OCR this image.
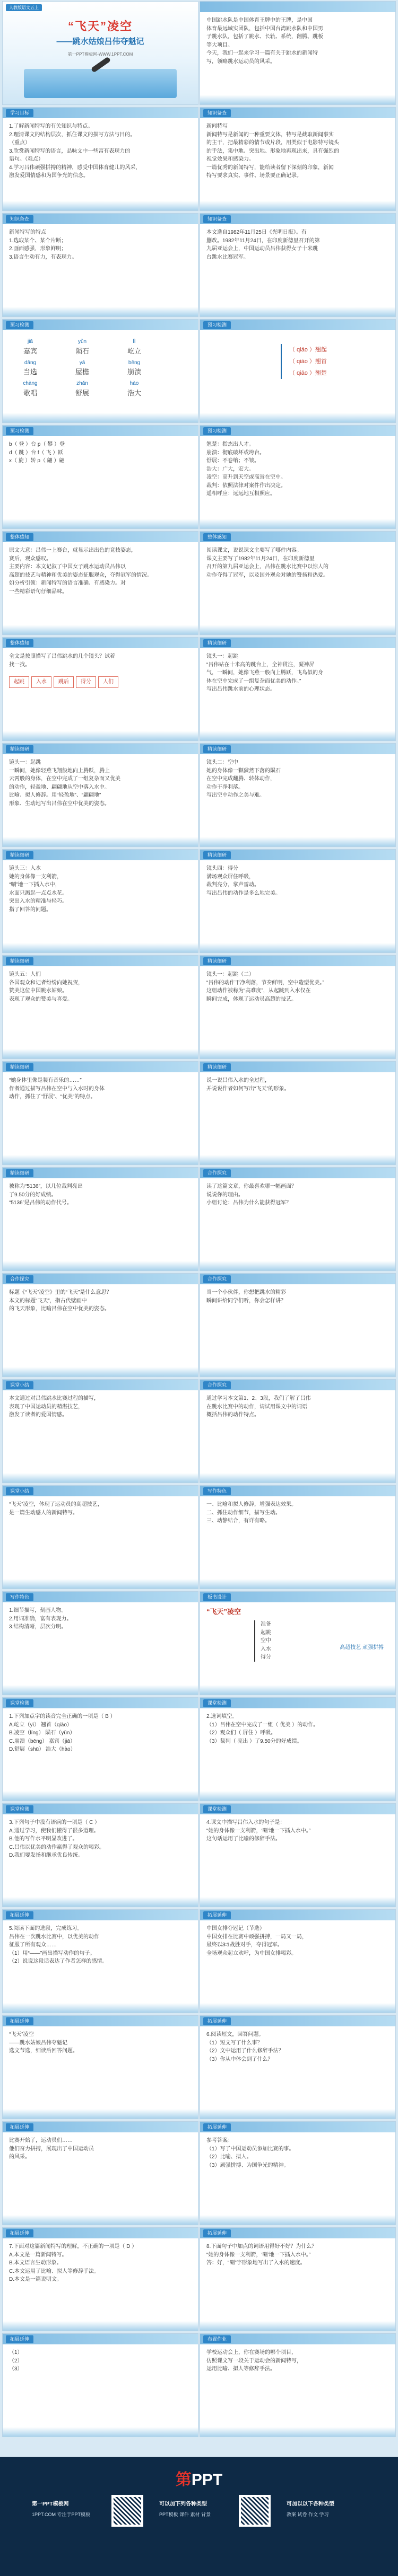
人教版语文五上
“飞天”凌空
——跳水姑娘吕伟夺魁记
第一PPT模板网-WWW.1PPT.COM
中国跳水队是中国体育王牌中的王牌，是中国
体育最远域实团队，包括中国台湾跳水队和中国男
子跳水队，包括了跳水、长轨、系统，翻腾、跳板
等大项目。
今天，我们一起来学习一篇有关于跳水的新闻特
写，领略跳水运动员的风采。
学习目标
1.了解新闻特写的有关知识与特点。
2.理清课文的结构层次，抓住课文的描写方法与目的。
（重点）
3.欣赏新闻特写的语言，品味文中一些富有表现力的
语句。（难点）
4.学习吕伟顽强拼搏的精神，感受中国体育健儿的风采，
激发爱国情感和为国争光的信念。
知识备查
新闻特写
新闻特写是新闻的一种重要文体，特写是截取新闻事实
的主干，把最精彩的情节或片段，用类似于电影特写镜头
的手法，集中地、突出地、形象地再现出来，具有强烈的
视觉效果和感染力。
一篇优秀的新闻特写，能给读者留下深刻的印象，新闻
特写要求真实、事件、场景要正确记录。
知识备查
新闻特写的特点
1.选取某个、某个片断；
2.画面感强，形象鲜明；
3.语言生动有力，有表现力。
知识备查
本文选自1982年11月25日《光明日报》。有
删改。1982年11月24日，在印度新德里召开的第
九届亚运会上，中国运动员吕伟获得女子十米跳
台跳水比赛冠军。
预习检测
jiā
嘉宾
yǔn
陨石
lì
屹立
dāng
当选
yā
屋檐
bēng
崩溃
chàng
歌唱
zhǎn
舒展
hào
浩大
预习检测
（ qiáo ）翘起
（ qiào ）翘首
（ qiāo ）翘楚
预习检测
b（ 登 ）台 p（ 攀 ）登
d（ 跳 ）台 f（ 飞 ）跃
x（ 旋 ）转 p（ 翩 ）翩
预习检测
翘楚：指杰出人才。
崩溃：彻底破坏或垮台。
舒展：不卷缩；不皱。
浩大：广大，宏大。
凌空：高升到天空或高耸在空中。
裁判：依照法律对案件作出决定。
遥相呼应：远远地互相照应。
整体感知
原文大意：吕伟一上赛台，就显示出出色的竞技姿态，
赛后，观众感叹。
主要内容：本文记叙了中国女子跳水运动员吕伟以
高超的技艺与精神和优美的姿态征服观众，夺得冠军的情况。
如分析引领：新闻特写的语言准确、有感染力。对
一些精彩语句仔细品味。
整体感知
阅读课文，说说课文主要写了哪件内容。
课文主要写了1982年11月24日，在印度新德里
召开的第九届亚运会上，吕伟在跳水比赛中以惊人的
动作夺得了冠军，以及国外观众对她的赞扬和热爱。
整体感知
全文是按照描写了吕伟跳水的几个镜头？试着
找一找。
起跳 入水 跳后 得分 人们
精读细研
镜头一：起跳
“吕伟站在十米高的跳台上，全神贯注，凝神屏
气，一瞬间，她像飞燕一般向上腾跃，飞鸟似的身
体在空中完成了一组复杂而优美的动作。”
写出吕伟跳水前的心理状态。
精读细研
镜头一：起跳
一瞬间，她像轻燕飞翔般地向上腾跃，腾上
云霄般的身体，在空中完成了一组复杂而又优美
的动作，轻盈地、翩翩地从空中落入水中。
比喻、拟人修辞。用“轻盈地”、“翩翩地”
形象、生动地写出吕伟在空中优美的姿态。
精读细研
镜头二：空中
她的身体像一颗骤然下落的陨石
在空中完成翻腾、转体动作，
动作干净利落。
写出空中动作之美与难。
精读细研
镜头三：入水
她的身体像一支利箭，
“唰”地一下插入水中，
水面只溅起一点点水花。
突出入水的精准与轻巧。
指了回答的问题。
精读细研
镜头四：得分
满场观众屏住呼吸，
裁判亮分，掌声雷动。
写出吕伟的动作是多么地完美。
精读细研
镜头五：人们
各国观众和记者纷纷向她祝贺，
赞美这位中国跳水姑娘。
表现了观众的赞美与喜爱。
精读细研
镜头一：起跳（二）
“吕伟的动作干净利落，节奏鲜明，空中造型优美。”
这组动作被称为“高难度”，从起跳到入水仅在
瞬间完成，体现了运动员高超的技艺。
精读细研
“她身体里像是装有音乐的……”
作者通过描写吕伟在空中与入水时的身体
动作，抓住了“舒展”、“优美”的特点。
精读细研
说一说吕伟入水的全过程，
并说说作者如何写出“飞天”的形象。
精读细研
被称为“5136”，以几位裁判亮出
了9.50分的好成绩。
“5136”是吕伟的动作代号。
合作探究
读了这篇文章，你最喜欢哪一幅画面？
说说你的理由。
小组讨论：吕伟为什么能获得冠军？
合作探究
标题《“飞天”凌空》里的“飞天”是什么意思？
本文的标题“飞天”，指古代壁画中
的飞天形象，比喻吕伟在空中优美的姿态。
合作探究
当一个小伙伴，你想把跳水的精彩
瞬间讲给同学们听，你会怎样讲？
课堂小结
本文通过对吕伟跳水比赛过程的描写，
表现了中国运动员的精湛技艺，
激发了读者的爱国情感。
合作探究
通过学习本文第1、2、3段，我们了解了吕伟
在跳水比赛中的动作，请试用课文中的词语
概括吕伟的动作特点。
课堂小结
“飞天”凌空，体现了运动员的高超技艺，
是一篇生动感人的新闻特写。
写作特色
一、比喻和拟人修辞，增强表达效果。
二、抓住动作细节，描写生动。
三、动静结合，有详有略。
写作特色
1.细节描写，刻画人物。
2.用词准确，富有表现力。
3.结构清晰，层次分明。
板书设计
“飞天”凌空
准备
起跳
空中
入水
得分
高超技艺 顽强拼搏
课堂检测
1.下列加点字的读音完全正确的一项是（ B ）
A.屹立（yì） 翘首（qiào）
B.凌空（líng） 陨石（yǔn）
C.崩溃（bēng） 嘉宾（jiā）
D.舒展（shū） 浩大（hào）
课堂检测
2.选词填空。
（1）吕伟在空中完成了一组（ 优美 ）的动作。
（2）观众们（ 屏住 ）呼吸。
（3）裁判（ 亮出 ）了9.50分的好成绩。
课堂检测
3.下列句子中没有语病的一项是（ C ）
A.通过学习，使我们懂得了很多道理。
B.他的写作水平明显改进了。
C.吕伟以优美的动作赢得了观众的喝彩。
D.我们要发扬和继承优良传统。
课堂检测
4.课文中描写吕伟入水的句子是：
“她的身体像一支利箭，‘唰’地一下插入水中。”
这句话运用了比喻的修辞手法。
拓展延伸
5.阅读下面的选段，完成练习。
吕伟在一次跳水比赛中，以优美的动作
征服了所有观众……
（1）用“——”画出描写动作的句子。
（2）说说这段话表达了作者怎样的感情。
拓展延伸
中国女排夺冠记（节选）
中国女排在比赛中顽强拼搏，一局又一局，
最终以3∶1战胜对手，夺得冠军。
全场观众起立欢呼，为中国女排喝彩。
拓展延伸
“飞天”凌空
——跳水姑娘吕伟夺魁记
选文节选，细读后回答问题。
拓展延伸
6.阅读短文，回答问题。
（1）短文写了什么事？
（2）文中运用了什么修辞手法？
（3）你从中体会到了什么？
拓展延伸
比赛开始了，运动员们……
他们奋力拼搏，展现出了中国运动员
的风采。
拓展延伸
参考答案：
（1）写了中国运动员参加比赛的事。
（2）比喻、拟人。
（3）顽强拼搏、为国争光的精神。
拓展延伸
7.下面对这篇新闻特写的理解，不正确的一项是（ D ）
A.本文是一篇新闻特写。
B.本文语言生动形象。
C.本文运用了比喻、拟人等修辞手法。
D.本文是一篇说明文。
拓展延伸
8.下面句子中加点的词语用得好不好？为什么？
“她的身体像一支利箭，‘唰’地一下插入水中。”
答：好，“唰”字形象地写出了入水的速度。
拓展延伸
（1）
（2）
（3）
布置作业
学校运动会上，你在赛场的哪个项目，
仿照课文写一段关于运动会的新闻特写，
运用比喻、拟人等修辞手法。
第PPT
第一PPT模板网
1PPT.COM 专注于PPT模板
可以加下列各种类型
PPT模板 课件 素材 背景
可加以以下各种类型
教案 试卷 作文 学习
